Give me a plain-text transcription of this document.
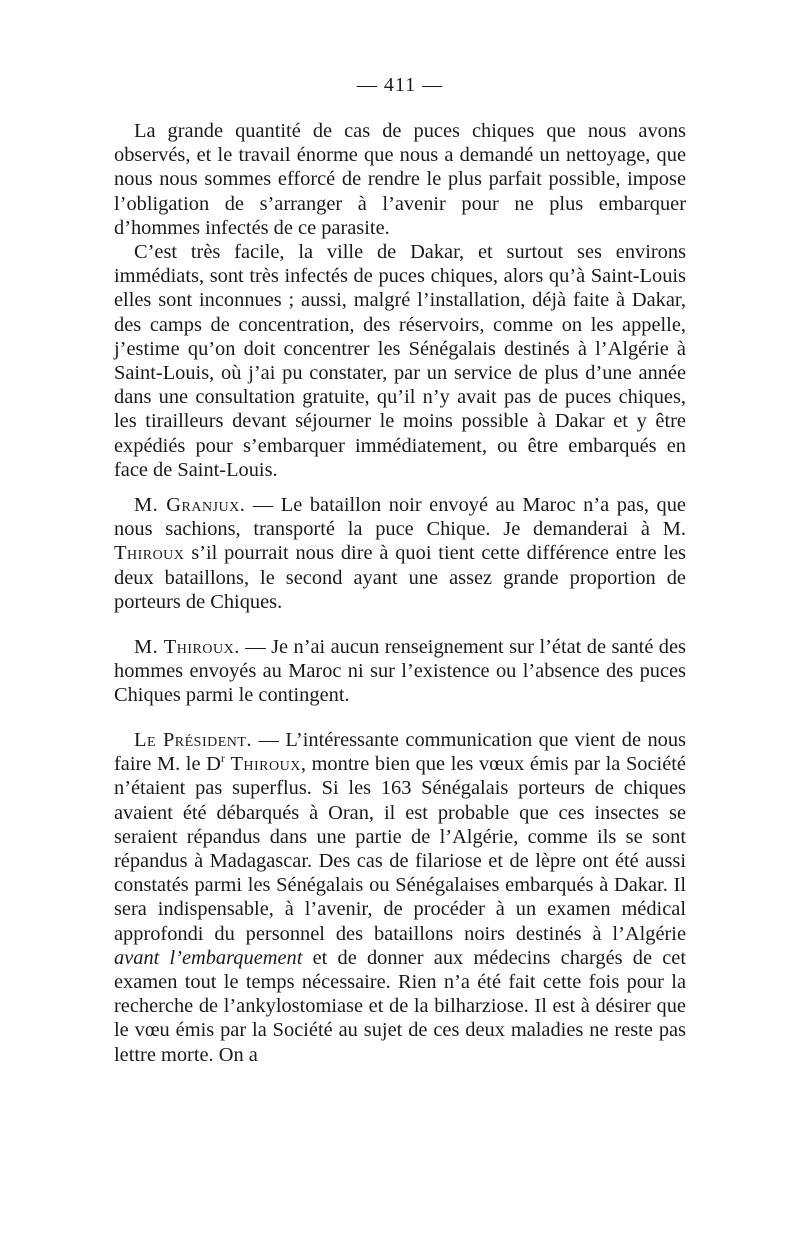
— 411 —

La grande quantité de cas de puces chiques que nous avons observés, et le travail énorme que nous a demandé un nettoyage, que nous nous sommes efforcé de rendre le plus parfait possible, impose l’obligation de s’arranger à l’avenir pour ne plus embarquer d’hommes infectés de ce parasite.

C’est très facile, la ville de Dakar, et surtout ses environs immédiats, sont très infectés de puces chiques, alors qu’à Saint-Louis elles sont inconnues ; aussi, malgré l’installation, déjà faite à Dakar, des camps de concentration, des réservoirs, comme on les appelle, j’estime qu’on doit concentrer les Sénégalais destinés à l’Algérie à Saint-Louis, où j’ai pu constater, par un service de plus d’une année dans une consultation gratuite, qu’il n’y avait pas de puces chiques, les tirailleurs devant séjourner le moins possible à Dakar et y être expédiés pour s’embarquer immédiatement, ou être embarqués en face de Saint-Louis.

M. Granjux. — Le bataillon noir envoyé au Maroc n’a pas, que nous sachions, transporté la puce Chique. Je demanderai à M. Thiroux s’il pourrait nous dire à quoi tient cette différence entre les deux bataillons, le second ayant une assez grande proportion de porteurs de Chiques.

M. Thiroux. — Je n’ai aucun renseignement sur l’état de santé des hommes envoyés au Maroc ni sur l’existence ou l’absence des puces Chiques parmi le contingent.

Le Président. — L’intéressante communication que vient de nous faire M. le $D^r$ Thiroux, montre bien que les vœux émis par la Société n’étaient pas superflus. Si les 163 Sénégalais porteurs de chiques avaient été débarqués à Oran, il est probable que ces insectes se seraient répandus dans une partie de l’Algérie, comme ils se sont répandus à Madagascar. Des cas de filariose et de lèpre ont été aussi constatés parmi les Sénégalais ou Sénégalaises embarqués à Dakar. Il sera indispensable, à l’avenir, de procéder à un examen médical approfondi du personnel des bataillons noirs destinés à l’Algérie avant l’embarquement et de donner aux médecins chargés de cet examen tout le temps nécessaire. Rien n’a été fait cette fois pour la recherche de l’ankylostomiase et de la bilharziose. Il est à désirer que le vœu émis par la Société au sujet de ces deux maladies ne reste pas lettre morte. On a
